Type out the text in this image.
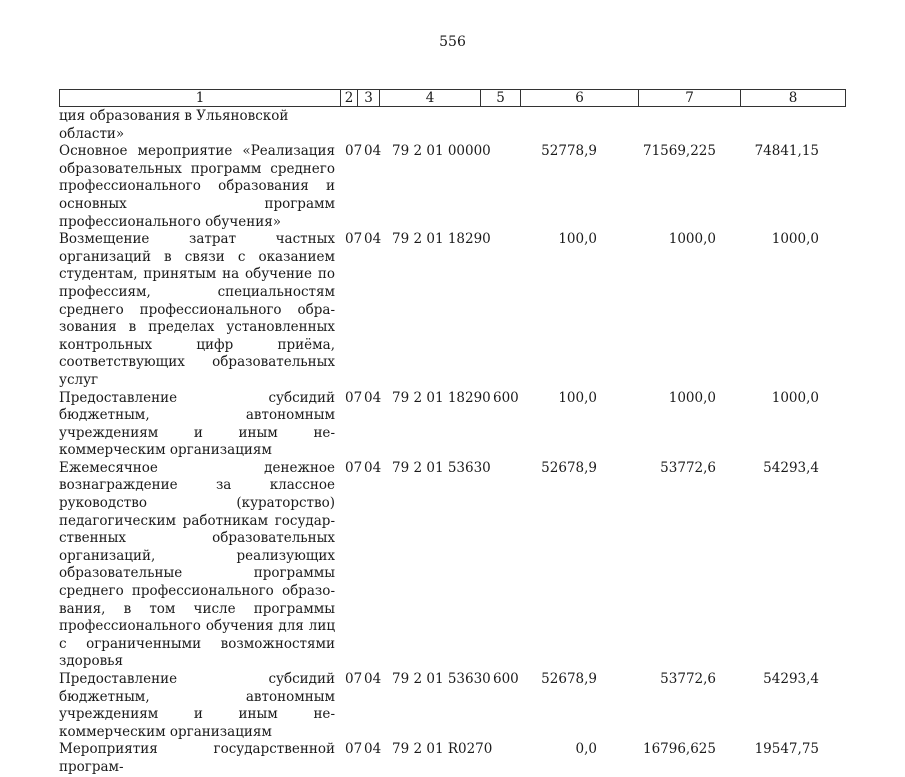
556
1	2 3	4	5	6	7	8
ция образования в Ульяновской области»
Основное мероприятие «Реализация образовательных программ среднего профессионального образования и основных программ профессионального обучения»
07 04 79 2 01 00000	52778,9	71569,225	74841,15
Возмещение затрат частных организаций в связи с оказанием студентам, принятым на обучение по профессиям, специальностям среднего профессионального образования в пределах установленных контрольных цифр приёма, соответствующих образовательных услуг
07 04 79 2 01 18290	100,0	1000,0	1000,0
Предоставление субсидий бюджетным, автономным учреждениям и иным некоммерческим организациям
07 04 79 2 01 18290 600	100,0	1000,0	1000,0
Ежемесячное денежное вознаграждение за классное руководство (кураторство) педагогическим работникам государственных образовательных организаций, реализующих образовательные программы среднего профессионального образования, в том числе программы профессионального обучения для лиц с ограниченными возможностями здоровья
07 04 79 2 01 53630	52678,9	53772,6	54293,4
Предоставление субсидий бюджетным, автономным учреждениям и иным некоммерческим организациям
07 04 79 2 01 53630 600 52678,9	53772,6	54293,4
Мероприятия государственной програм-
07 04 79 2 01 R0270	0,0	16796,625	19547,75
